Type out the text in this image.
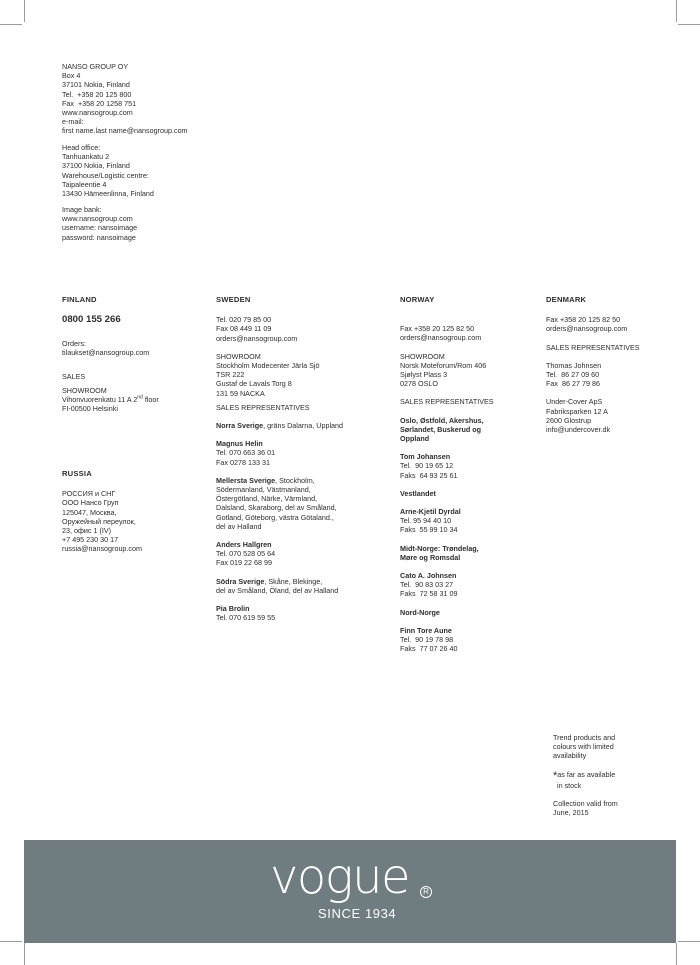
NANSO GROUP OY
Box 4
37101 Nokia, Finland
Tel.  +358 20 125 800
Fax  +358 20 1258 751
www.nansogroup.com
e-mail:
first name.last name@nansogroup.com
Head office:
Tanhuankatu 2
37100 Nokia, Finland
Warehouse/Logistic centre:
Taipaleentie 4
13430 Hämeenlinna, Finland
Image bank:
www.nansogroup.com
username: nansoimage
password: nansoimage
FINLAND
0800 155 266
Orders:
tilaukset@nansogroup.com
SALES
SHOWROOM
Vihonvuorenkatu 11 A 2nd floor
FI-00500 Helsinki
RUSSIA
РОССИЯ и СНГ
ООО Нансо Груп
125047, Москва,
Оружейный переулок,
23, офис 1 (IV)
+7 495 230 30 17
russia@nansogroup.com
SWEDEN
Tel. 020 79 85 00
Fax 08 449 11 09
orders@nansogroup.com
SHOWROOM
Stockholm Modecenter Järla Sjö
TSR 222
Gustaf de Lavals Torg 8
131 59 NACKA
SALES REPRESENTATIVES
Norra Sverige, gräns Dalarna, Uppland
Magnus Helin
Tel. 070 663 36 01
Fax 0278 133 31
Mellersta Sverige, Stockholm,
Södermanland, Västmanland,
Östergötland, Närke, Värmland,
Dalsland, Skaraborg, del av Småland,
Gotland, Göteborg, västra Götaland.,
del av Halland
Anders Hallgren
Tel. 070 528 05 64
Fax 019 22 68 99
Södra Sverige, Skåne, Blekinge,
del av Småland, Öland, del av Halland
Pia Brolin
Tel. 070 619 59 55
NORWAY
Fax +358 20 125 82 50
orders@nansogroup.com
SHOWROOM
Norsk Moteforum/Rom 406
Sjølyst Plass 3
0278 OSLO
SALES REPRESENTATIVES
Oslo, Østfold, Akershus,
Sørlandet, Buskerud og
Oppland
Tom Johansen
Tel.  90 19 65 12
Faks  64 93 25 61
Vestlandet
Arne-Kjetil Dyrdal
Tel. 95 94 40 10
Faks  55 99 10 34
Midt-Norge: Trøndelag,
Møre og Romsdal
Cato A. Johnsen
Tel.  90 83 03 27
Faks  72 58 31 09
Nord-Norge
Finn Tore Aune
Tel.  90 19 78 98
Faks  77 07 26 40
DENMARK
Fax +358 20 125 82 50
orders@nansogroup.com
SALES REPRESENTATIVES
Thomas Johnsen
Tel.  86 27 09 60
Fax  86 27 79 86
Under-Cover ApS
Fabriksparken 12 A
2600 Glostrup
info@undercover.dk
Trend products and
colours with limited
availability
*as far as available
in stock
Collection valid from
June, 2015
vogue	R
SINCE 1934
